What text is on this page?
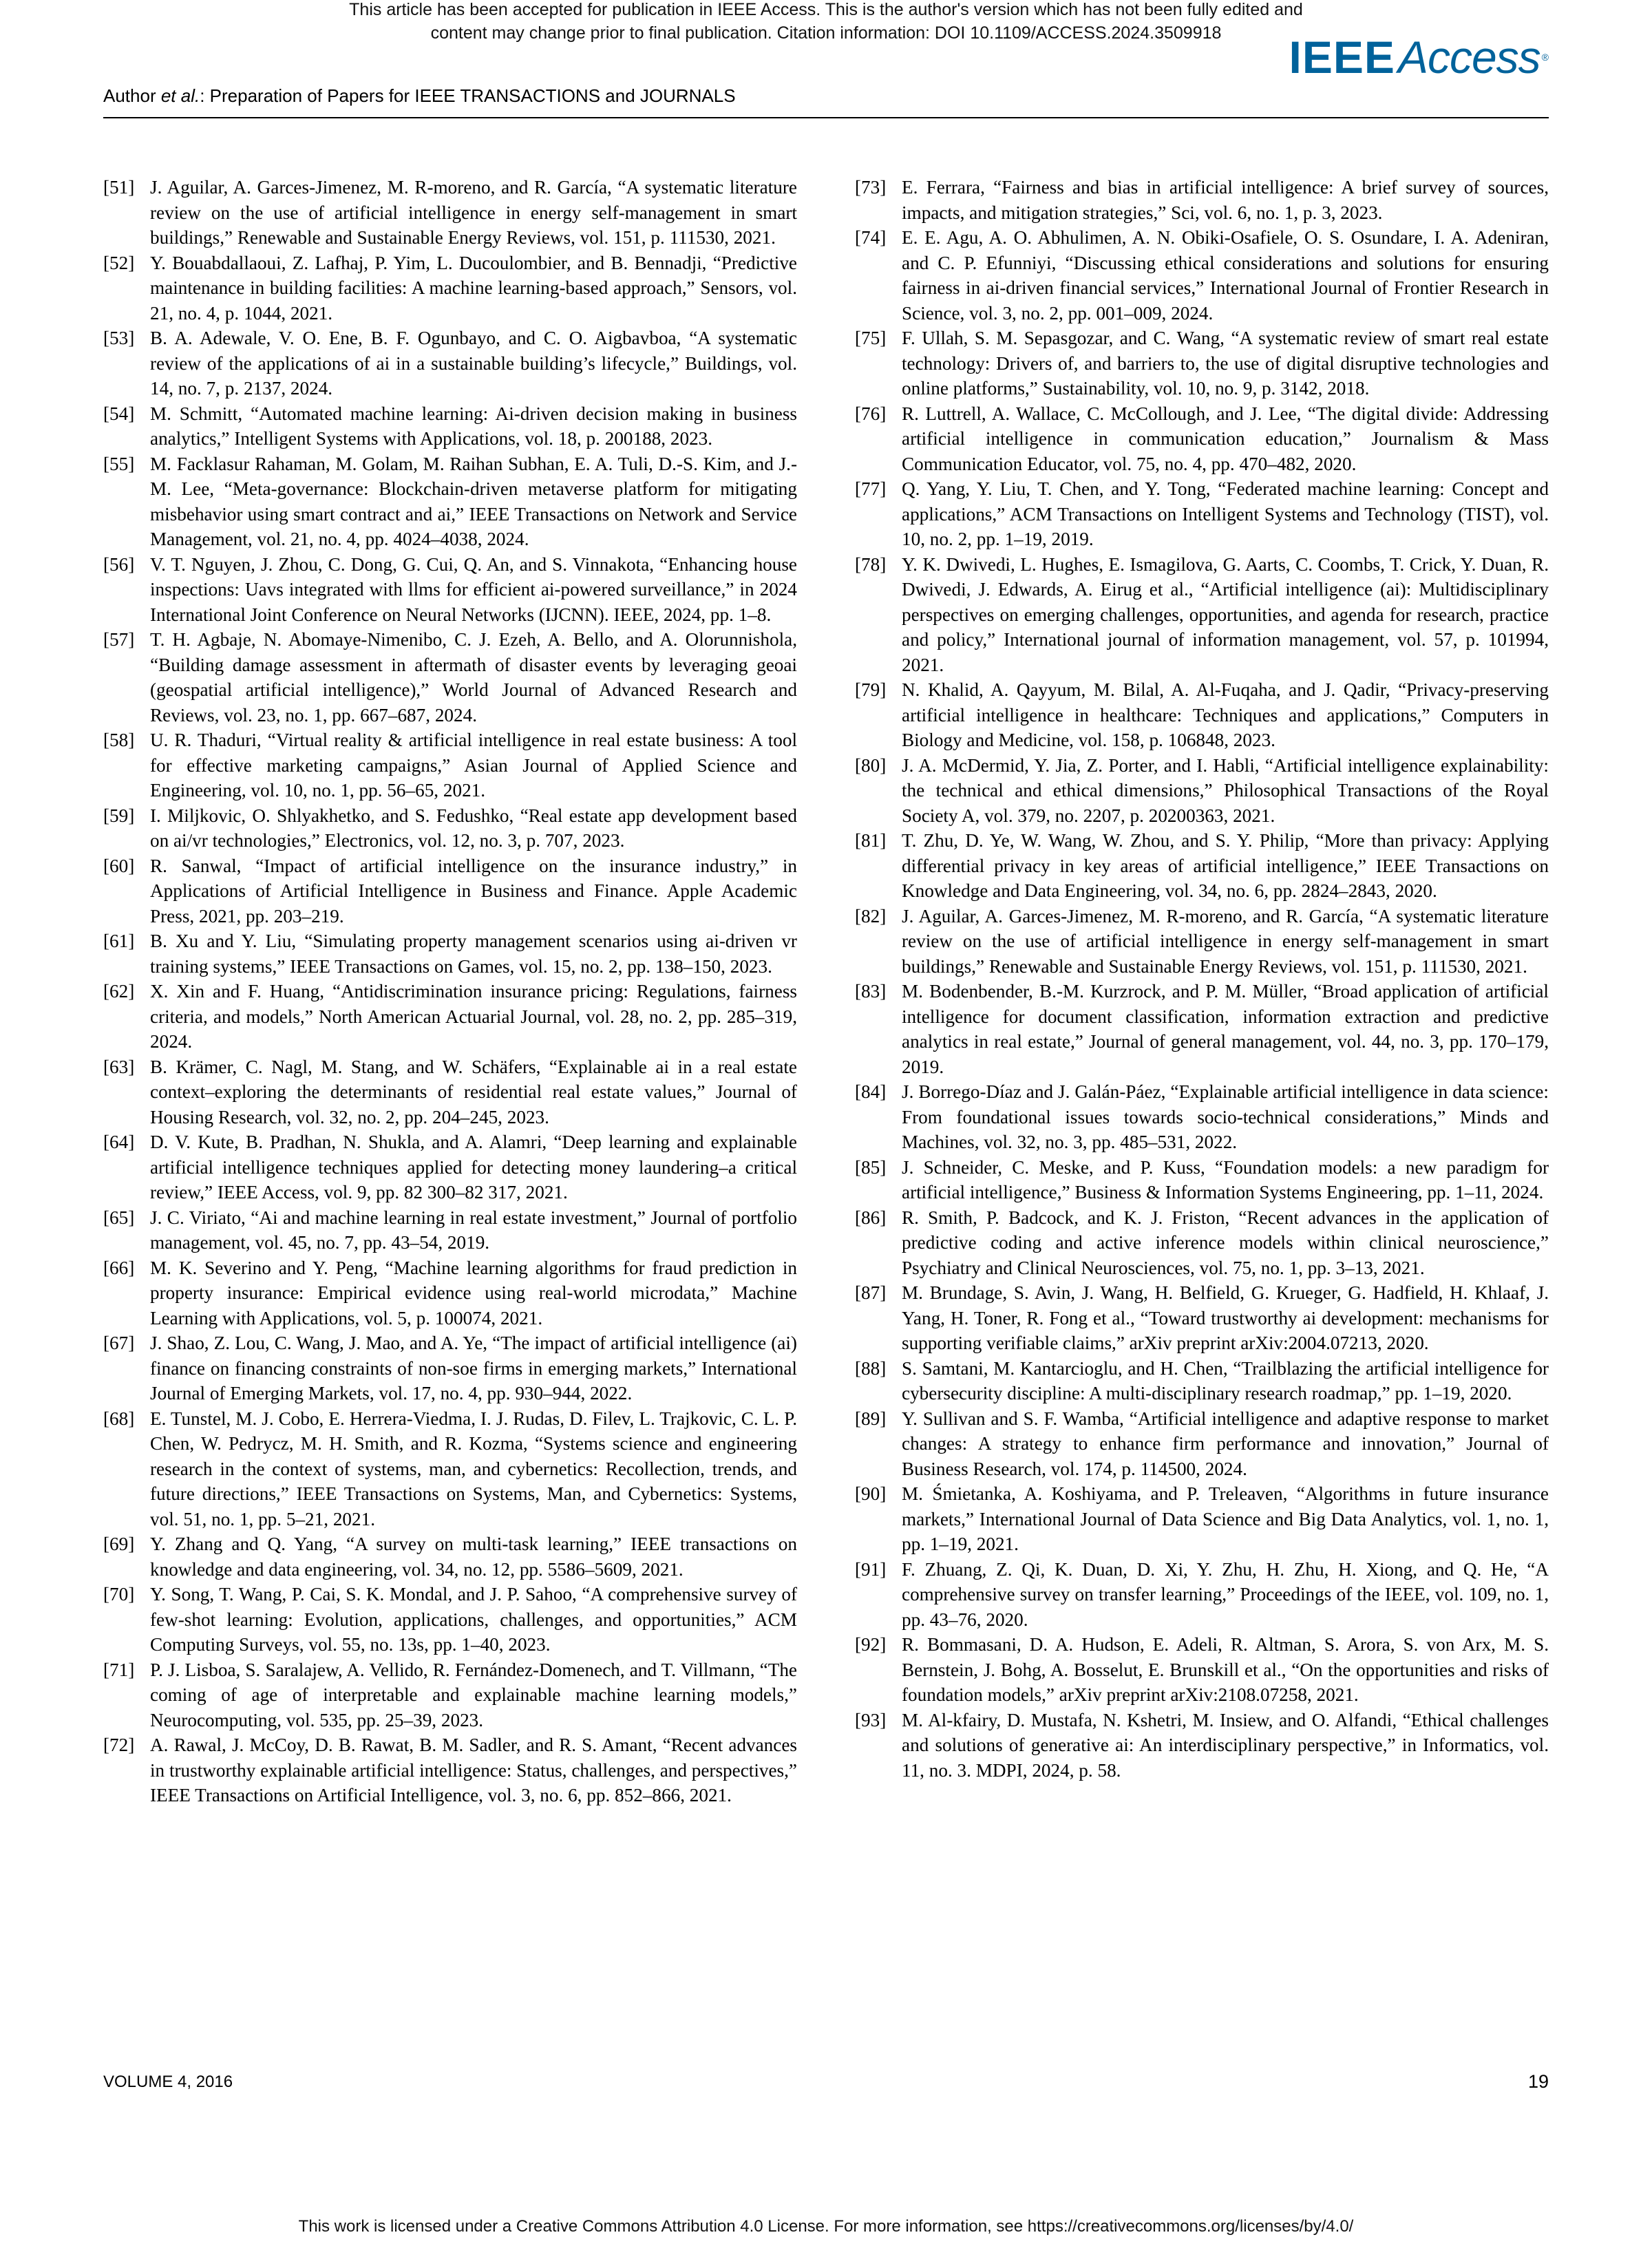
This article has been accepted for publication in IEEE Access. This is the author's version which has not been fully edited and
content may change prior to final publication. Citation information: DOI 10.1109/ACCESS.2024.3509918	IEEEAccess ®
Author et al.: Preparation of Papers for IEEE TRANSACTIONS and JOURNALS

[51] J. Aguilar, A. Garces-Jimenez, M. R-moreno, and R. García, “A systematic literature review on the use of artificial intelligence in energy self-management in smart buildings,” Renewable and Sustainable Energy Reviews, vol. 151, p. 111530, 2021.

[52] Y. Bouabdallaoui, Z. Lafhaj, P. Yim, L. Ducoulombier, and B. Bennadji, “Predictive maintenance in building facilities: A machine learning-based approach,” Sensors, vol. 21, no. 4, p. 1044, 2021.

[53] B. A. Adewale, V. O. Ene, B. F. Ogunbayo, and C. O. Aigbavboa, “A systematic review of the applications of ai in a sustainable building’s lifecycle,” Buildings, vol. 14, no. 7, p. 2137, 2024.

[54] M. Schmitt, “Automated machine learning: Ai-driven decision making in business analytics,” Intelligent Systems with Applications, vol. 18, p. 200188, 2023.

[55] M. Facklasur Rahaman, M. Golam, M. Raihan Subhan, E. A. Tuli, D.-S. Kim, and J.-M. Lee, “Meta-governance: Blockchain-driven metaverse platform for mitigating misbehavior using smart contract and ai,” IEEE Transactions on Network and Service Management, vol. 21, no. 4, pp. 4024–4038, 2024.

[56] V. T. Nguyen, J. Zhou, C. Dong, G. Cui, Q. An, and S. Vinnakota, “Enhancing house inspections: Uavs integrated with llms for efficient ai-powered surveillance,” in 2024 International Joint Conference on Neural Networks (IJCNN). IEEE, 2024, pp. 1–8.

[57] T. H. Agbaje, N. Abomaye-Nimenibo, C. J. Ezeh, A. Bello, and A. Olorunnishola, “Building damage assessment in aftermath of disaster events by leveraging geoai (geospatial artificial intelligence),” World Journal of Advanced Research and Reviews, vol. 23, no. 1, pp. 667–687, 2024.

[58] U. R. Thaduri, “Virtual reality & artificial intelligence in real estate business: A tool for effective marketing campaigns,” Asian Journal of Applied Science and Engineering, vol. 10, no. 1, pp. 56–65, 2021.

[59] I. Miljkovic, O. Shlyakhetko, and S. Fedushko, “Real estate app development based on ai/vr technologies,” Electronics, vol. 12, no. 3, p. 707, 2023.

[60] R. Sanwal, “Impact of artificial intelligence on the insurance industry,” in Applications of Artificial Intelligence in Business and Finance. Apple Academic Press, 2021, pp. 203–219.

[61] B. Xu and Y. Liu, “Simulating property management scenarios using ai-driven vr training systems,” IEEE Transactions on Games, vol. 15, no. 2, pp. 138–150, 2023.

[62] X. Xin and F. Huang, “Antidiscrimination insurance pricing: Regulations, fairness criteria, and models,” North American Actuarial Journal, vol. 28, no. 2, pp. 285–319, 2024.

[63] B. Krämer, C. Nagl, M. Stang, and W. Schäfers, “Explainable ai in a real estate context–exploring the determinants of residential real estate values,” Journal of Housing Research, vol. 32, no. 2, pp. 204–245, 2023.

[64] D. V. Kute, B. Pradhan, N. Shukla, and A. Alamri, “Deep learning and explainable artificial intelligence techniques applied for detecting money laundering–a critical review,” IEEE Access, vol. 9, pp. 82 300–82 317, 2021.

[65] J. C. Viriato, “Ai and machine learning in real estate investment,” Journal of portfolio management, vol. 45, no. 7, pp. 43–54, 2019.

[66] M. K. Severino and Y. Peng, “Machine learning algorithms for fraud prediction in property insurance: Empirical evidence using real-world microdata,” Machine Learning with Applications, vol. 5, p. 100074, 2021.

[67] J. Shao, Z. Lou, C. Wang, J. Mao, and A. Ye, “The impact of artificial intelligence (ai) finance on financing constraints of non-soe firms in emerging markets,” International Journal of Emerging Markets, vol. 17, no. 4, pp. 930–944, 2022.

[68] E. Tunstel, M. J. Cobo, E. Herrera-Viedma, I. J. Rudas, D. Filev, L. Trajkovic, C. L. P. Chen, W. Pedrycz, M. H. Smith, and R. Kozma, “Systems science and engineering research in the context of systems, man, and cybernetics: Recollection, trends, and future directions,” IEEE Transactions on Systems, Man, and Cybernetics: Systems, vol. 51, no. 1, pp. 5–21, 2021.

[69] Y. Zhang and Q. Yang, “A survey on multi-task learning,” IEEE transactions on knowledge and data engineering, vol. 34, no. 12, pp. 5586–5609, 2021.

[70] Y. Song, T. Wang, P. Cai, S. K. Mondal, and J. P. Sahoo, “A comprehensive survey of few-shot learning: Evolution, applications, challenges, and opportunities,” ACM Computing Surveys, vol. 55, no. 13s, pp. 1–40, 2023.

[71] P. J. Lisboa, S. Saralajew, A. Vellido, R. Fernández-Domenech, and T. Villmann, “The coming of age of interpretable and explainable machine learning models,” Neurocomputing, vol. 535, pp. 25–39, 2023.

[72] A. Rawal, J. McCoy, D. B. Rawat, B. M. Sadler, and R. S. Amant, “Recent advances in trustworthy explainable artificial intelligence: Status, challenges, and perspectives,” IEEE Transactions on Artificial Intelligence, vol. 3, no. 6, pp. 852–866, 2021.

[73] E. Ferrara, “Fairness and bias in artificial intelligence: A brief survey of sources, impacts, and mitigation strategies,” Sci, vol. 6, no. 1, p. 3, 2023.

[74] E. E. Agu, A. O. Abhulimen, A. N. Obiki-Osafiele, O. S. Osundare, I. A. Adeniran, and C. P. Efunniyi, “Discussing ethical considerations and solutions for ensuring fairness in ai-driven financial services,” International Journal of Frontier Research in Science, vol. 3, no. 2, pp. 001–009, 2024.

[75] F. Ullah, S. M. Sepasgozar, and C. Wang, “A systematic review of smart real estate technology: Drivers of, and barriers to, the use of digital disruptive technologies and online platforms,” Sustainability, vol. 10, no. 9, p. 3142, 2018.

[76] R. Luttrell, A. Wallace, C. McCollough, and J. Lee, “The digital divide: Addressing artificial intelligence in communication education,” Journalism & Mass Communication Educator, vol. 75, no. 4, pp. 470–482, 2020.

[77] Q. Yang, Y. Liu, T. Chen, and Y. Tong, “Federated machine learning: Concept and applications,” ACM Transactions on Intelligent Systems and Technology (TIST), vol. 10, no. 2, pp. 1–19, 2019.

[78] Y. K. Dwivedi, L. Hughes, E. Ismagilova, G. Aarts, C. Coombs, T. Crick, Y. Duan, R. Dwivedi, J. Edwards, A. Eirug et al., “Artificial intelligence (ai): Multidisciplinary perspectives on emerging challenges, opportunities, and agenda for research, practice and policy,” International journal of information management, vol. 57, p. 101994, 2021.

[79] N. Khalid, A. Qayyum, M. Bilal, A. Al-Fuqaha, and J. Qadir, “Privacy-preserving artificial intelligence in healthcare: Techniques and applications,” Computers in Biology and Medicine, vol. 158, p. 106848, 2023.

[80] J. A. McDermid, Y. Jia, Z. Porter, and I. Habli, “Artificial intelligence explainability: the technical and ethical dimensions,” Philosophical Transactions of the Royal Society A, vol. 379, no. 2207, p. 20200363, 2021.

[81] T. Zhu, D. Ye, W. Wang, W. Zhou, and S. Y. Philip, “More than privacy: Applying differential privacy in key areas of artificial intelligence,” IEEE Transactions on Knowledge and Data Engineering, vol. 34, no. 6, pp. 2824–2843, 2020.

[82] J. Aguilar, A. Garces-Jimenez, M. R-moreno, and R. García, “A systematic literature review on the use of artificial intelligence in energy self-management in smart buildings,” Renewable and Sustainable Energy Reviews, vol. 151, p. 111530, 2021.

[83] M. Bodenbender, B.-M. Kurzrock, and P. M. Müller, “Broad application of artificial intelligence for document classification, information extraction and predictive analytics in real estate,” Journal of general management, vol. 44, no. 3, pp. 170–179, 2019.

[84] J. Borrego-Díaz and J. Galán-Páez, “Explainable artificial intelligence in data science: From foundational issues towards socio-technical considerations,” Minds and Machines, vol. 32, no. 3, pp. 485–531, 2022.

[85] J. Schneider, C. Meske, and P. Kuss, “Foundation models: a new paradigm for artificial intelligence,” Business & Information Systems Engineering, pp. 1–11, 2024.

[86] R. Smith, P. Badcock, and K. J. Friston, “Recent advances in the application of predictive coding and active inference models within clinical neuroscience,” Psychiatry and Clinical Neurosciences, vol. 75, no. 1, pp. 3–13, 2021.

[87] M. Brundage, S. Avin, J. Wang, H. Belfield, G. Krueger, G. Hadfield, H. Khlaaf, J. Yang, H. Toner, R. Fong et al., “Toward trustworthy ai development: mechanisms for supporting verifiable claims,” arXiv preprint arXiv:2004.07213, 2020.

[88] S. Samtani, M. Kantarcioglu, and H. Chen, “Trailblazing the artificial intelligence for cybersecurity discipline: A multi-disciplinary research roadmap,” pp. 1–19, 2020.

[89] Y. Sullivan and S. F. Wamba, “Artificial intelligence and adaptive response to market changes: A strategy to enhance firm performance and innovation,” Journal of Business Research, vol. 174, p. 114500, 2024.

[90] M. Śmietanka, A. Koshiyama, and P. Treleaven, “Algorithms in future insurance markets,” International Journal of Data Science and Big Data Analytics, vol. 1, no. 1, pp. 1–19, 2021.

[91] F. Zhuang, Z. Qi, K. Duan, D. Xi, Y. Zhu, H. Zhu, H. Xiong, and Q. He, “A comprehensive survey on transfer learning,” Proceedings of the IEEE, vol. 109, no. 1, pp. 43–76, 2020.

[92] R. Bommasani, D. A. Hudson, E. Adeli, R. Altman, S. Arora, S. von Arx, M. S. Bernstein, J. Bohg, A. Bosselut, E. Brunskill et al., “On the opportunities and risks of foundation models,” arXiv preprint arXiv:2108.07258, 2021.

[93] M. Al-kfairy, D. Mustafa, N. Kshetri, M. Insiew, and O. Alfandi, “Ethical challenges and solutions of generative ai: An interdisciplinary perspective,” in Informatics, vol. 11, no. 3. MDPI, 2024, p. 58.

VOLUME 4, 2016	19
This work is licensed under a Creative Commons Attribution 4.0 License. For more information, see https://creativecommons.org/licenses/by/4.0/
